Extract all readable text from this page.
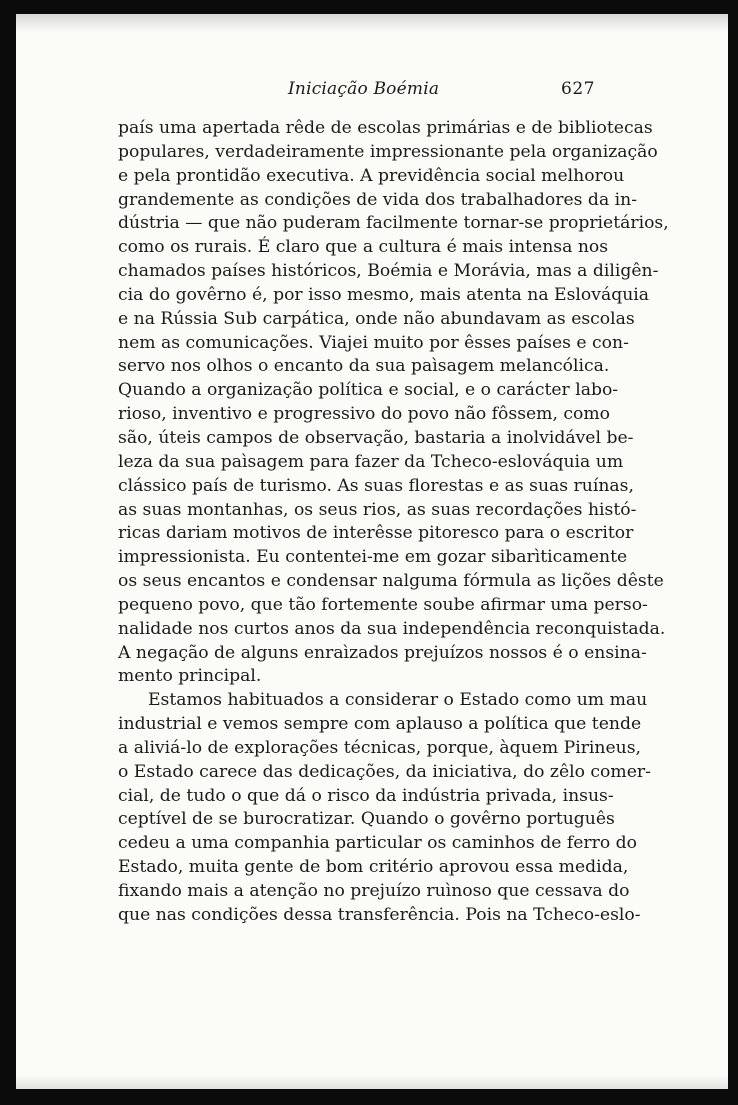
Iniciação Boémia	627
país uma apertada rêde de escolas primárias e de bibliotecas
populares, verdadeiramente impressionante pela organização
e pela prontidão executiva. A previdência social melhorou
grandemente as condições de vida dos trabalhadores da in-
dústria — que não puderam facilmente tornar-se proprietários,
como os rurais. É claro que a cultura é mais intensa nos
chamados países históricos, Boémia e Morávia, mas a diligên-
cia do govêrno é, por isso mesmo, mais atenta na Eslováquia
e na Rússia Sub carpática, onde não abundavam as escolas
nem as comunicações. Viajei muito por êsses países e con-
servo nos olhos o encanto da sua paìsagem melancólica.
Quando a organização política e social, e o carácter labo-
rioso, inventivo e progressivo do povo não fôssem, como
são, úteis campos de observação, bastaria a inolvidável be-
leza da sua paìsagem para fazer da Tcheco-eslováquia um
clássico país de turismo. As suas florestas e as suas ruínas,
as suas montanhas, os seus rios, as suas recordações histó-
ricas dariam motivos de interêsse pitoresco para o escritor
impressionista. Eu contentei-me em gozar sibarìticamente
os seus encantos e condensar nalguma fórmula as lições dêste
pequeno povo, que tão fortemente soube afirmar uma perso-
nalidade nos curtos anos da sua independência reconquistada.
A negação de alguns enraìzados prejuízos nossos é o ensina-
mento principal.
Estamos habituados a considerar o Estado como um mau
industrial e vemos sempre com aplauso a política que tende
a aliviá-lo de explorações técnicas, porque, àquem Pirineus,
o Estado carece das dedicações, da iniciativa, do zêlo comer-
cial, de tudo o que dá o risco da indústria privada, insus-
ceptível de se burocratizar. Quando o govêrno português
cedeu a uma companhia particular os caminhos de ferro do
Estado, muita gente de bom critério aprovou essa medida,
fixando mais a atenção no prejuízo ruìnoso que cessava do
que nas condições dessa transferência. Pois na Tcheco-eslo-
